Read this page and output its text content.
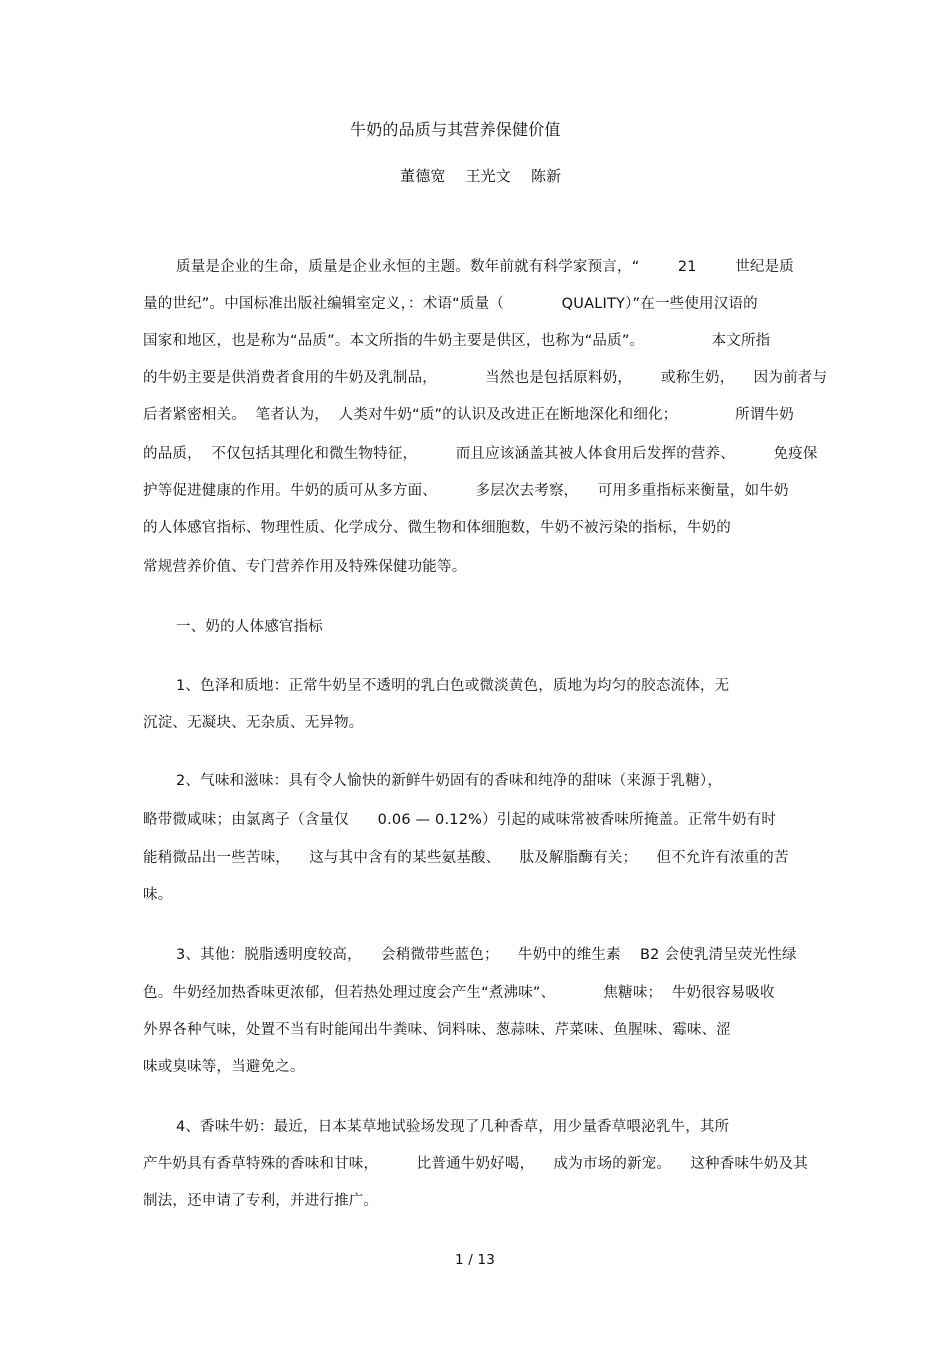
牛奶的品质与其营养保健价值
董德宽    王光文    陈新
质量是企业的生命，质量是企业永恒的主题。数年前就有科学家预言，“        21        世纪是质
量的世纪”。中国标准出版社编辑室定义，：术语“质量（            QUALITY）”在一些使用汉语的
国家和地区，也是称为“品质”。本文所指的牛奶主要是供区，也称为“品质”。              本文所指
的牛奶主要是供消费者食用的牛奶及乳制品，          当然也是包括原料奶，      或称生奶，    因为前者与
后者紧密相关。  笔者认为，  人类对牛奶“质”的认识及改进正在断地深化和细化；            所谓牛奶
的品质，  不仅包括其理化和微生物特征，        而且应该涵盖其被人体食用后发挥的营养、        免疫保
护等促进健康的作用。牛奶的质可从多方面、        多层次去考察，    可用多重指标来衡量，如牛奶
的人体感官指标、物理性质、化学成分、微生物和体细胞数，牛奶不被污染的指标，牛奶的
常规营养价值、专门营养作用及特殊保健功能等。
一、奶的人体感官指标
1、色泽和质地：正常牛奶呈不透明的乳白色或微淡黄色，质地为均匀的胶态流体，无
沉淀、无凝块、无杂质、无异物。
2、气味和滋味：具有令人愉快的新鲜牛奶固有的香味和纯净的甜味（来源于乳糖），
略带微咸味；由氯离子（含量仅      0.06 — 0.12%）引起的咸味常被香味所掩盖。正常牛奶有时
能稍微品出一些苦味，    这与其中含有的某些氨基酸、    肽及解脂酶有关；    但不允许有浓重的苦
味。
3、其他：脱脂透明度较高，    会稍微带些蓝色；    牛奶中的维生素    B2 会使乳清呈荧光性绿
色。牛奶经加热香味更浓郁，但若热处理过度会产生“煮沸味”、          焦糖味；  牛奶很容易吸收
外界各种气味，处置不当有时能闻出牛粪味、饲料味、葱蒜味、芹菜味、鱼腥味、霉味、涩
味或臭味等，当避免之。
4、香味牛奶：最近，日本某草地试验场发现了几种香草，用少量香草喂泌乳牛，其所
产牛奶具有香草特殊的香味和甘味，        比普通牛奶好喝，    成为市场的新宠。    这种香味牛奶及其
制法，还申请了专利，并进行推广。
1 / 13
